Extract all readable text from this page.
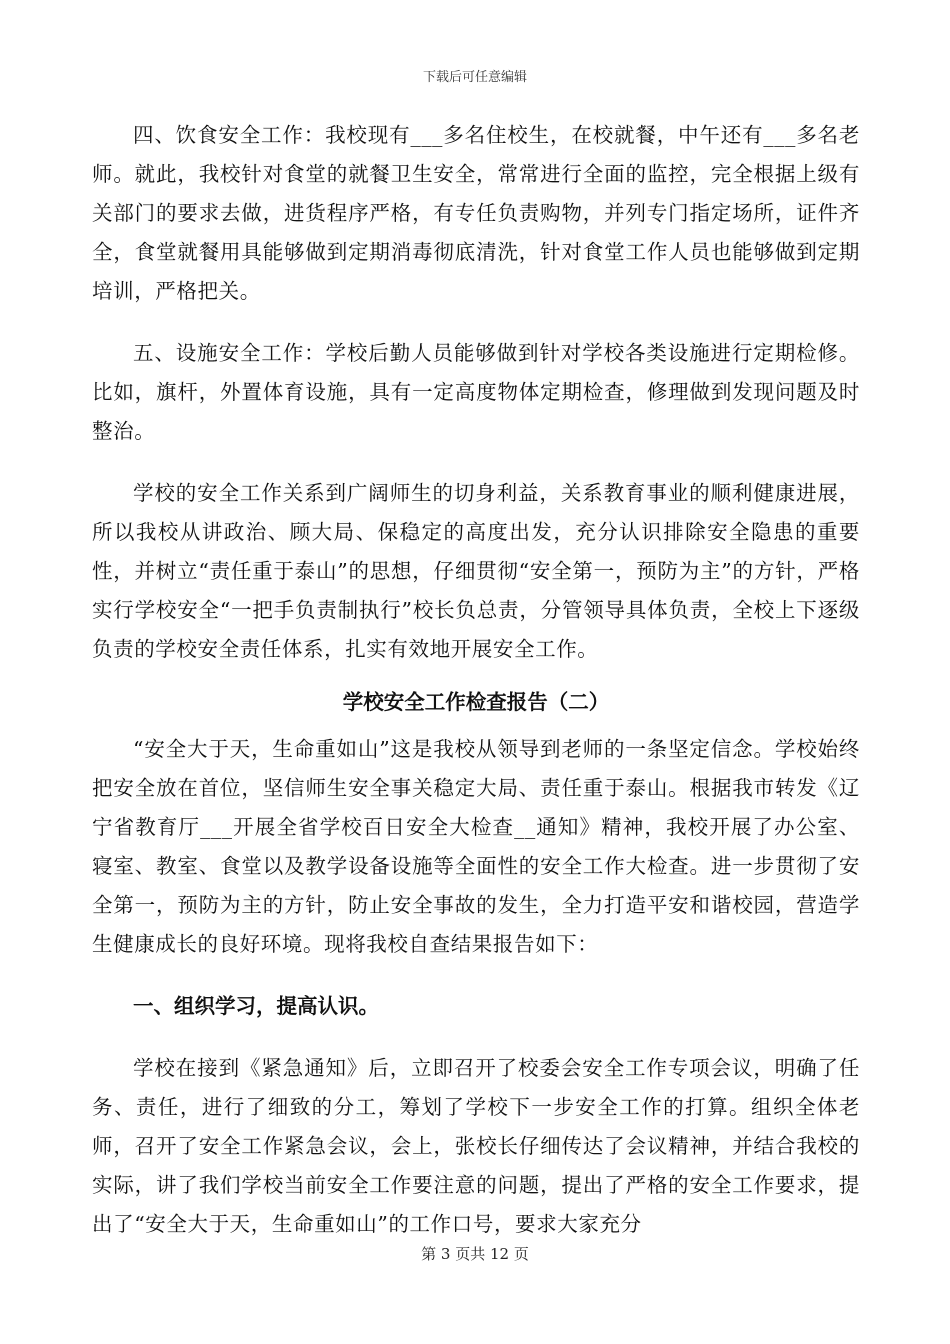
下载后可任意编辑

四、饮食安全工作：我校现有___多名住校生，在校就餐，中午还有___多名老师。就此，我校针对食堂的就餐卫生安全，常常进行全面的监控，完全根据上级有关部门的要求去做，进货程序严格，有专任负责购物，并列专门指定场所，证件齐全，食堂就餐用具能够做到定期消毒彻底清洗，针对食堂工作人员也能够做到定期培训，严格把关。

五、设施安全工作：学校后勤人员能够做到针对学校各类设施进行定期检修。比如，旗杆，外置体育设施，具有一定高度物体定期检查，修理做到发现问题及时整治。

学校的安全工作关系到广阔师生的切身利益，关系教育事业的顺利健康进展，所以我校从讲政治、顾大局、保稳定的高度出发，充分认识排除安全隐患的重要性，并树立“责任重于泰山”的思想，仔细贯彻“安全第一，预防为主”的方针，严格实行学校安全“一把手负责制执行”校长负总责，分管领导具体负责，全校上下逐级负责的学校安全责任体系，扎实有效地开展安全工作。

学校安全工作检查报告（二）

“安全大于天，生命重如山”这是我校从领导到老师的一条坚定信念。学校始终把安全放在首位，坚信师生安全事关稳定大局、责任重于泰山。根据我市转发《辽宁省教育厅___开展全省学校百日安全大检查__通知》精神，我校开展了办公室、寝室、教室、食堂以及教学设备设施等全面性的安全工作大检查。进一步贯彻了安全第一，预防为主的方针，防止安全事故的发生，全力打造平安和谐校园，营造学生健康成长的良好环境。现将我校自查结果报告如下：

一、组织学习，提高认识。

学校在接到《紧急通知》后，立即召开了校委会安全工作专项会议，明确了任务、责任，进行了细致的分工，筹划了学校下一步安全工作的打算。组织全体老师，召开了安全工作紧急会议，会上，张校长仔细传达了会议精神，并结合我校的实际，讲了我们学校当前安全工作要注意的问题，提出了严格的安全工作要求，提出了“安全大于天，生命重如山”的工作口号，要求大家充分

第 3 页共 12 页
